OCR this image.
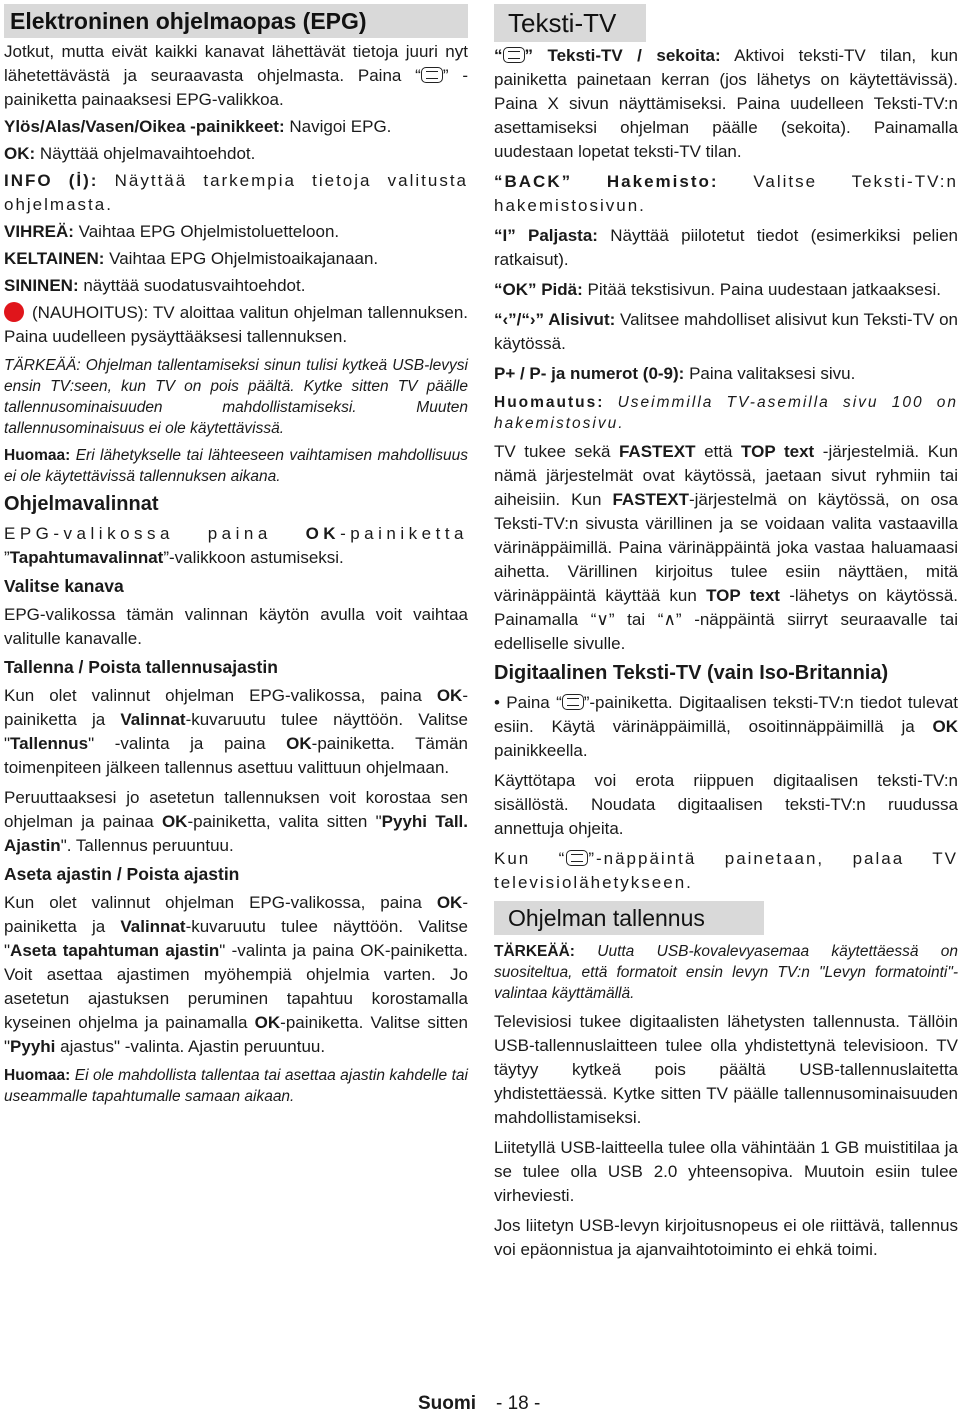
Elektroninen ohjelmaopas (EPG)

Jotkut, mutta eivät kaikki kanavat lähettävät tietoja juuri nyt lähetettävästä ja seuraavasta ohjelmasta. Paina “ ” -painiketta painaaksesi EPG-valikkoa.

Ylös/Alas/Vasen/Oikea -painikkeet: Navigoi EPG.

OK: Näyttää ohjelmavaihtoehdot.

INFO (İ): Näyttää tarkempia tietoja valitusta ohjelmasta.

VIHREÄ: Vaihtaa EPG Ohjelmistoluetteloon.

KELTAINEN: Vaihtaa EPG Ohjelmistoaikajanaan.

SININEN: näyttää suodatusvaihtoehdot.

(NAUHOITUS): TV aloittaa valitun ohjelman tallennuksen. Paina uudelleen pysäyttääksesi tallennuksen.

TÄRKEÄÄ: Ohjelman tallentamiseksi sinun tulisi kytkeä USB-levysi ensin TV:seen, kun TV on pois päältä. Kytke sitten TV päälle tallennusominaisuuden mahdollistamiseksi. Muuten tallennusominaisuus ei ole käytettävissä.

Huomaa: Eri lähetykselle tai lähteeseen vaihtamisen mahdollisuus ei ole käytettävissä tallennuksen aikana.

Ohjelmavalinnat

EPG-valikossa paina OK-painiketta ”Tapahtumavalinnat”-valikkoon astumiseksi.

Valitse kanava

EPG-valikossa tämän valinnan käytön avulla voit vaihtaa valitulle kanavalle.

Tallenna / Poista tallennusajastin

Kun olet valinnut ohjelman EPG-valikossa, paina OK-painiketta ja Valinnat-kuvaruutu tulee näyttöön. Valitse "Tallennus" -valinta ja paina OK-painiketta. Tämän toimenpiteen jälkeen tallennus asettuu valittuun ohjelmaan.

Peruuttaaksesi jo asetetun tallennuksen voit korostaa sen ohjelman ja painaa OK-painiketta, valita sitten "Pyyhi Tall. Ajastin". Tallennus peruuntuu.

Aseta ajastin / Poista ajastin

Kun olet valinnut ohjelman EPG-valikossa, paina OK-painiketta ja Valinnat-kuvaruutu tulee näyttöön. Valitse "Aseta tapahtuman ajastin" -valinta ja paina OK-painiketta. Voit asettaa ajastimen myöhempiä ohjelmia varten. Jo asetetun ajastuksen peruminen tapahtuu korostamalla kyseinen ohjelma ja painamalla OK-painiketta. Valitse sitten "Pyyhi ajastus" -valinta. Ajastin peruuntuu.

Huomaa: Ei ole mahdollista tallentaa tai asettaa ajastin kahdelle tai useammalle tapahtumalle samaan aikaan.

Teksti-TV

“ ” Teksti-TV / sekoita: Aktivoi teksti-TV tilan, kun painiketta painetaan kerran (jos lähetys on käytettävissä). Paina X sivun näyttämiseksi. Paina uudelleen Teksti-TV:n asettamiseksi ohjelman päälle (sekoita). Painamalla uudestaan lopetat teksti-TV tilan.

“BACK” Hakemisto: Valitse Teksti-TV:n hakemistosivun.

“I” Paljasta: Näyttää piilotetut tiedot (esimerkiksi pelien ratkaisut).

“OK” Pidä: Pitää tekstisivun. Paina uudestaan jatkaaksesi.

“‹”/“›” Alisivut: Valitsee mahdolliset alisivut kun Teksti-TV on käytössä.

P+ / P- ja numerot (0-9): Paina valitaksesi sivu.

Huomautus: Useimmilla TV-asemilla sivu 100 on hakemistosivu.

TV tukee sekä FASTEXT että TOP text -järjestelmiä. Kun nämä järjestelmät ovat käytössä, jaetaan sivut ryhmiin tai aiheisiin. Kun FASTEXT-järjestelmä on käytössä, on osa Teksti-TV:n sivusta värillinen ja se voidaan valita vastaavilla värinäppäimillä. Paina värinäppäintä joka vastaa haluamaasi aihetta. Värillinen kirjoitus tulee esiin näyttäen, mitä värinäppäintä käyttää kun TOP text -lähetys on käytössä. Painamalla “∨” tai “∧” -näppäintä siirryt seuraavalle tai edelliselle sivulle.

Digitaalinen Teksti-TV (vain Iso-Britannia)

• Paina “ ”-painiketta. Digitaalisen teksti-TV:n tiedot tulevat esiin. Käytä värinäppäimillä, osoitinnäppäimillä ja OK painikkeella.

Käyttötapa voi erota riippuen digitaalisen teksti-TV:n sisällöstä. Noudata digitaalisen teksti-TV:n ruudussa annettuja ohjeita.

Kun “ ”-näppäintä painetaan, palaa TV televisiolähetykseen.

Ohjelman tallennus

TÄRKEÄÄ: Uutta USB-kovalevyasemaa käytettäessä on suositeltua, että formatoit ensin levyn TV:n "Levyn formatointi"-valintaa käyttämällä.

Televisiosi tukee digitaalisten lähetysten tallennusta. Tällöin USB-tallennuslaitteen tulee olla yhdistettynä televisioon. TV täytyy kytkeä pois päältä USB-tallennuslaitetta yhdistettäessä. Kytke sitten TV päälle tallennusominaisuuden mahdollistamiseksi.

Liitetyllä USB-laitteella tulee olla vähintään 1 GB muistitilaa ja se tulee olla USB 2.0 yhteensopiva. Muutoin esiin tulee virheviesti.

Jos liitetyn USB-levyn kirjoitusnopeus ei ole riittävä, tallennus voi epäonnistua ja ajanvaihtotoiminto ei ehkä toimi.

Suomi - 18 -
